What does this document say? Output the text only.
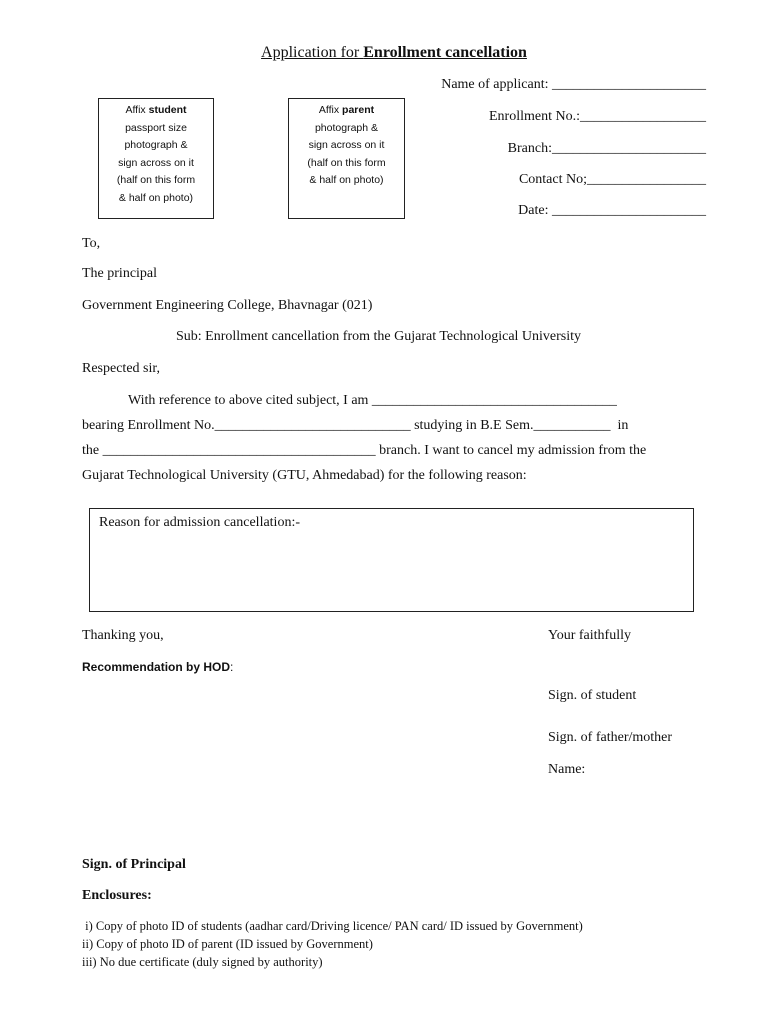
Application for Enrollment cancellation
Affix student
passport size
photograph &
sign across on it
(half on this form
& half on photo)
Affix parent
photograph &
sign across on it
(half on this form
& half on photo)
Name of applicant: ______________________
Enrollment No.:__________________
Branch:______________________
Contact No;_________________
Date: ______________________
To,
The principal
Government Engineering College, Bhavnagar (021)
Sub: Enrollment cancellation from the Gujarat Technological University
Respected sir,
With reference to above cited subject, I am ___________________________________
bearing Enrollment No.____________________________ studying in B.E Sem.___________  in
the _______________________________________ branch. I want to cancel my admission from the
Gujarat Technological University (GTU, Ahmedabad) for the following reason:
Reason for admission cancellation:-
Thanking you,	Your faithfully
Recommendation by HOD:
Sign. of student
Sign. of father/mother
Name:
Sign. of Principal
Enclosures:
i) Copy of photo ID of students (aadhar card/Driving licence/ PAN card/ ID issued by Government)
ii) Copy of photo ID of parent (ID issued by Government)
iii) No due certificate (duly signed by authority)
